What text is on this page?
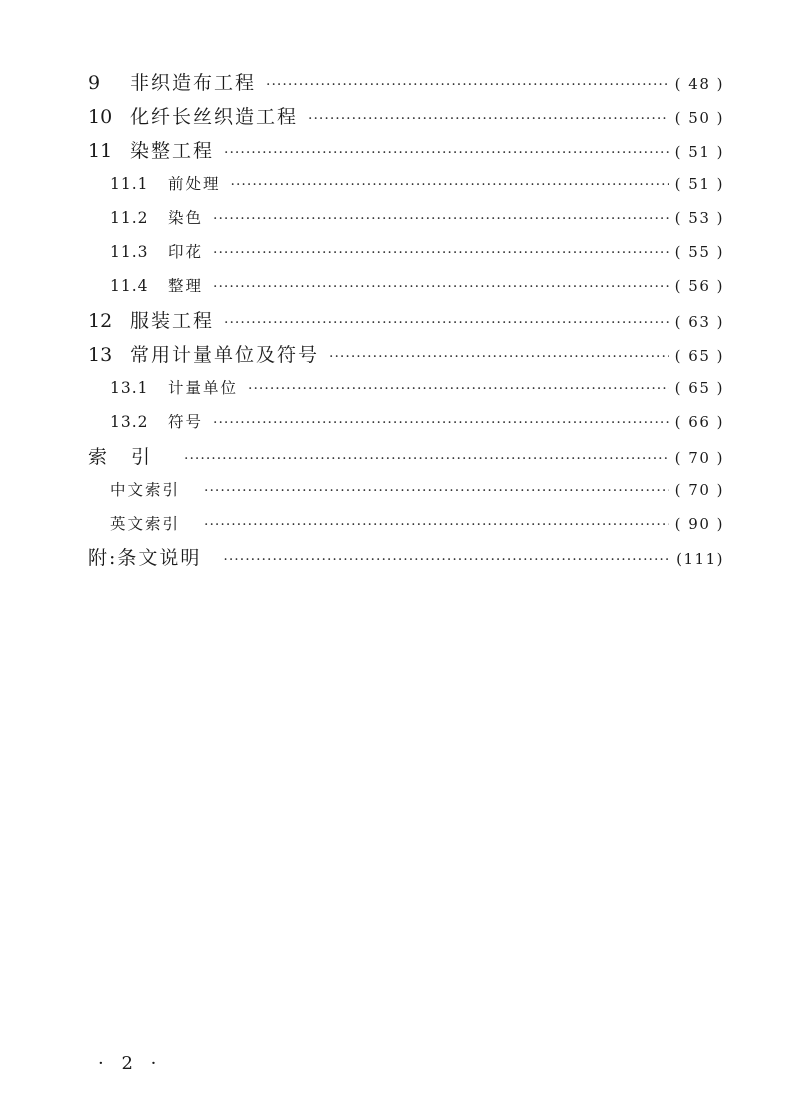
9	非织造布工程 ·····	( 48 )
10 化纤长丝织造工程 ·····	( 50 )
11 染整工程 ·····	( 51 )
11.1	前处理 ·····	( 51 )
11.2	染色 ·····	( 53 )
11.3	印花 ·····	( 55 )
11.4	整理 ·····	( 56 )
12 服装工程 ·····	( 63 )
13 常用计量单位及符号 ·····	( 65 )
13.1	计量单位 ·····	( 65 )
13.2	符号 ·····	( 66 )
索引 ·····	( 70 )
中文索引 ·····	( 70 )
英文索引 ·····	( 90 )
附:条文说明 ·····	(111)
· 2 ·
